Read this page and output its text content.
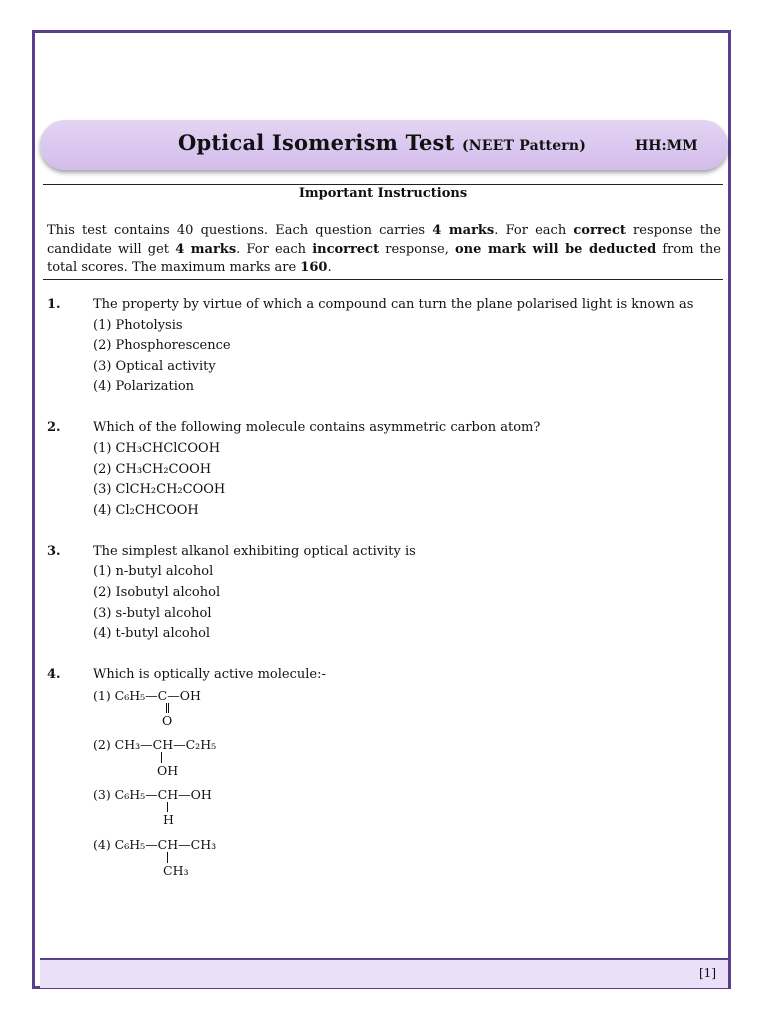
Optical Isomerism Test (NEET Pattern)	HH:MM
Important Instructions
This test contains 40 questions. Each question carries 4 marks. For each correct response the candidate will get 4 marks. For each incorrect response, one mark will be deducted from the total scores. The maximum marks are 160.
1. The property by virtue of which a compound can turn the plane polarised light is known as
(1) Photolysis
(2) Phosphorescence
(3) Optical activity
(4) Polarization
2. Which of the following molecule contains asymmetric carbon atom?
(1) CH₃CHClCOOH
(2) CH₃CH₂COOH
(3) ClCH₂CH₂COOH
(4) Cl₂CHCOOH
3. The simplest alkanol exhibiting optical activity is
(1) n-butyl alcohol
(2) Isobutyl alcohol
(3) s-butyl alcohol
(4) t-butyl alcohol
4. Which is optically active molecule:-
(1) C₆H₅—C—OH
O
(2) CH₃—CH—C₂H₅
OH
(3) C₆H₅—CH—OH
H
(4) C₆H₅—CH—CH₃
CH₃
[1]
